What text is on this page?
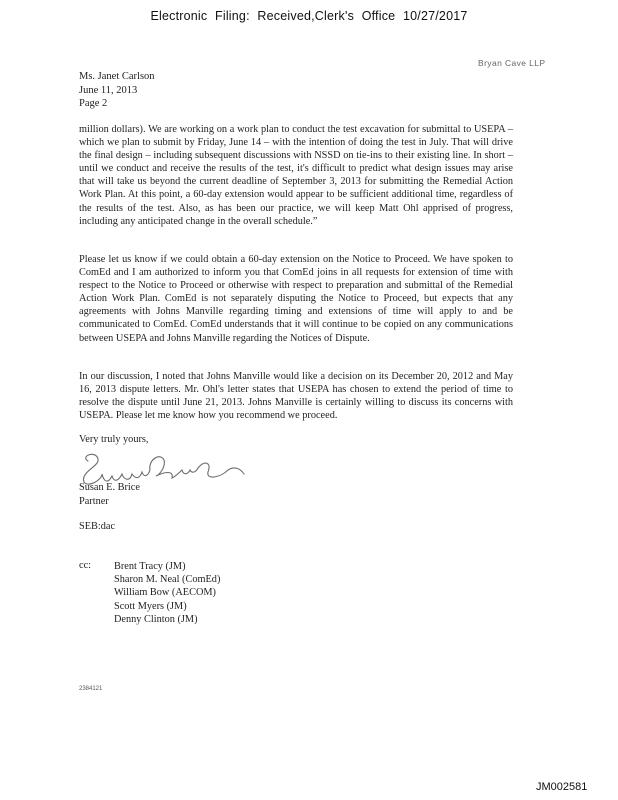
Electronic Filing: Received,Clerk's Office 10/27/2017
Bryan Cave LLP
Ms. Janet Carlson
June 11, 2013
Page 2

million dollars). We are working on a work plan to conduct the test excavation for submittal to USEPA – which we plan to submit by Friday, June 14 – with the intention of doing the test in July. That will drive the final design – including subsequent discussions with NSSD on tie-ins to their existing line. In short – until we conduct and receive the results of the test, it's difficult to predict what design issues may arise that will take us beyond the current deadline of September 3, 2013 for submitting the Remedial Action Work Plan. At this point, a 60-day extension would appear to be sufficient additional time, regardless of the results of the test. Also, as has been our practice, we will keep Matt Ohl apprised of progress, including any anticipated change in the overall schedule.”

Please let us know if we could obtain a 60-day extension on the Notice to Proceed. We have spoken to ComEd and I am authorized to inform you that ComEd joins in all requests for extension of time with respect to the Notice to Proceed or otherwise with respect to preparation and submittal of the Remedial Action Work Plan. ComEd is not separately disputing the Notice to Proceed, but expects that any agreements with Johns Manville regarding timing and extensions of time will apply to and be communicated to ComEd. ComEd understands that it will continue to be copied on any communications between USEPA and Johns Manville regarding the Notices of Dispute.

In our discussion, I noted that Johns Manville would like a decision on its December 20, 2012 and May 16, 2013 dispute letters. Mr. Ohl's letter states that USEPA has chosen to extend the period of time to resolve the dispute until June 21, 2013. Johns Manville is certainly willing to discuss its concerns with USEPA. Please let me know how you recommend we proceed.

Very truly yours,
Susan E. Brice
Partner
SEB:dac
cc: Brent Tracy (JM)
Sharon M. Neal (ComEd)
William Bow (AECOM)
Scott Myers (JM)
Denny Clinton (JM)
2384121
JM002581
